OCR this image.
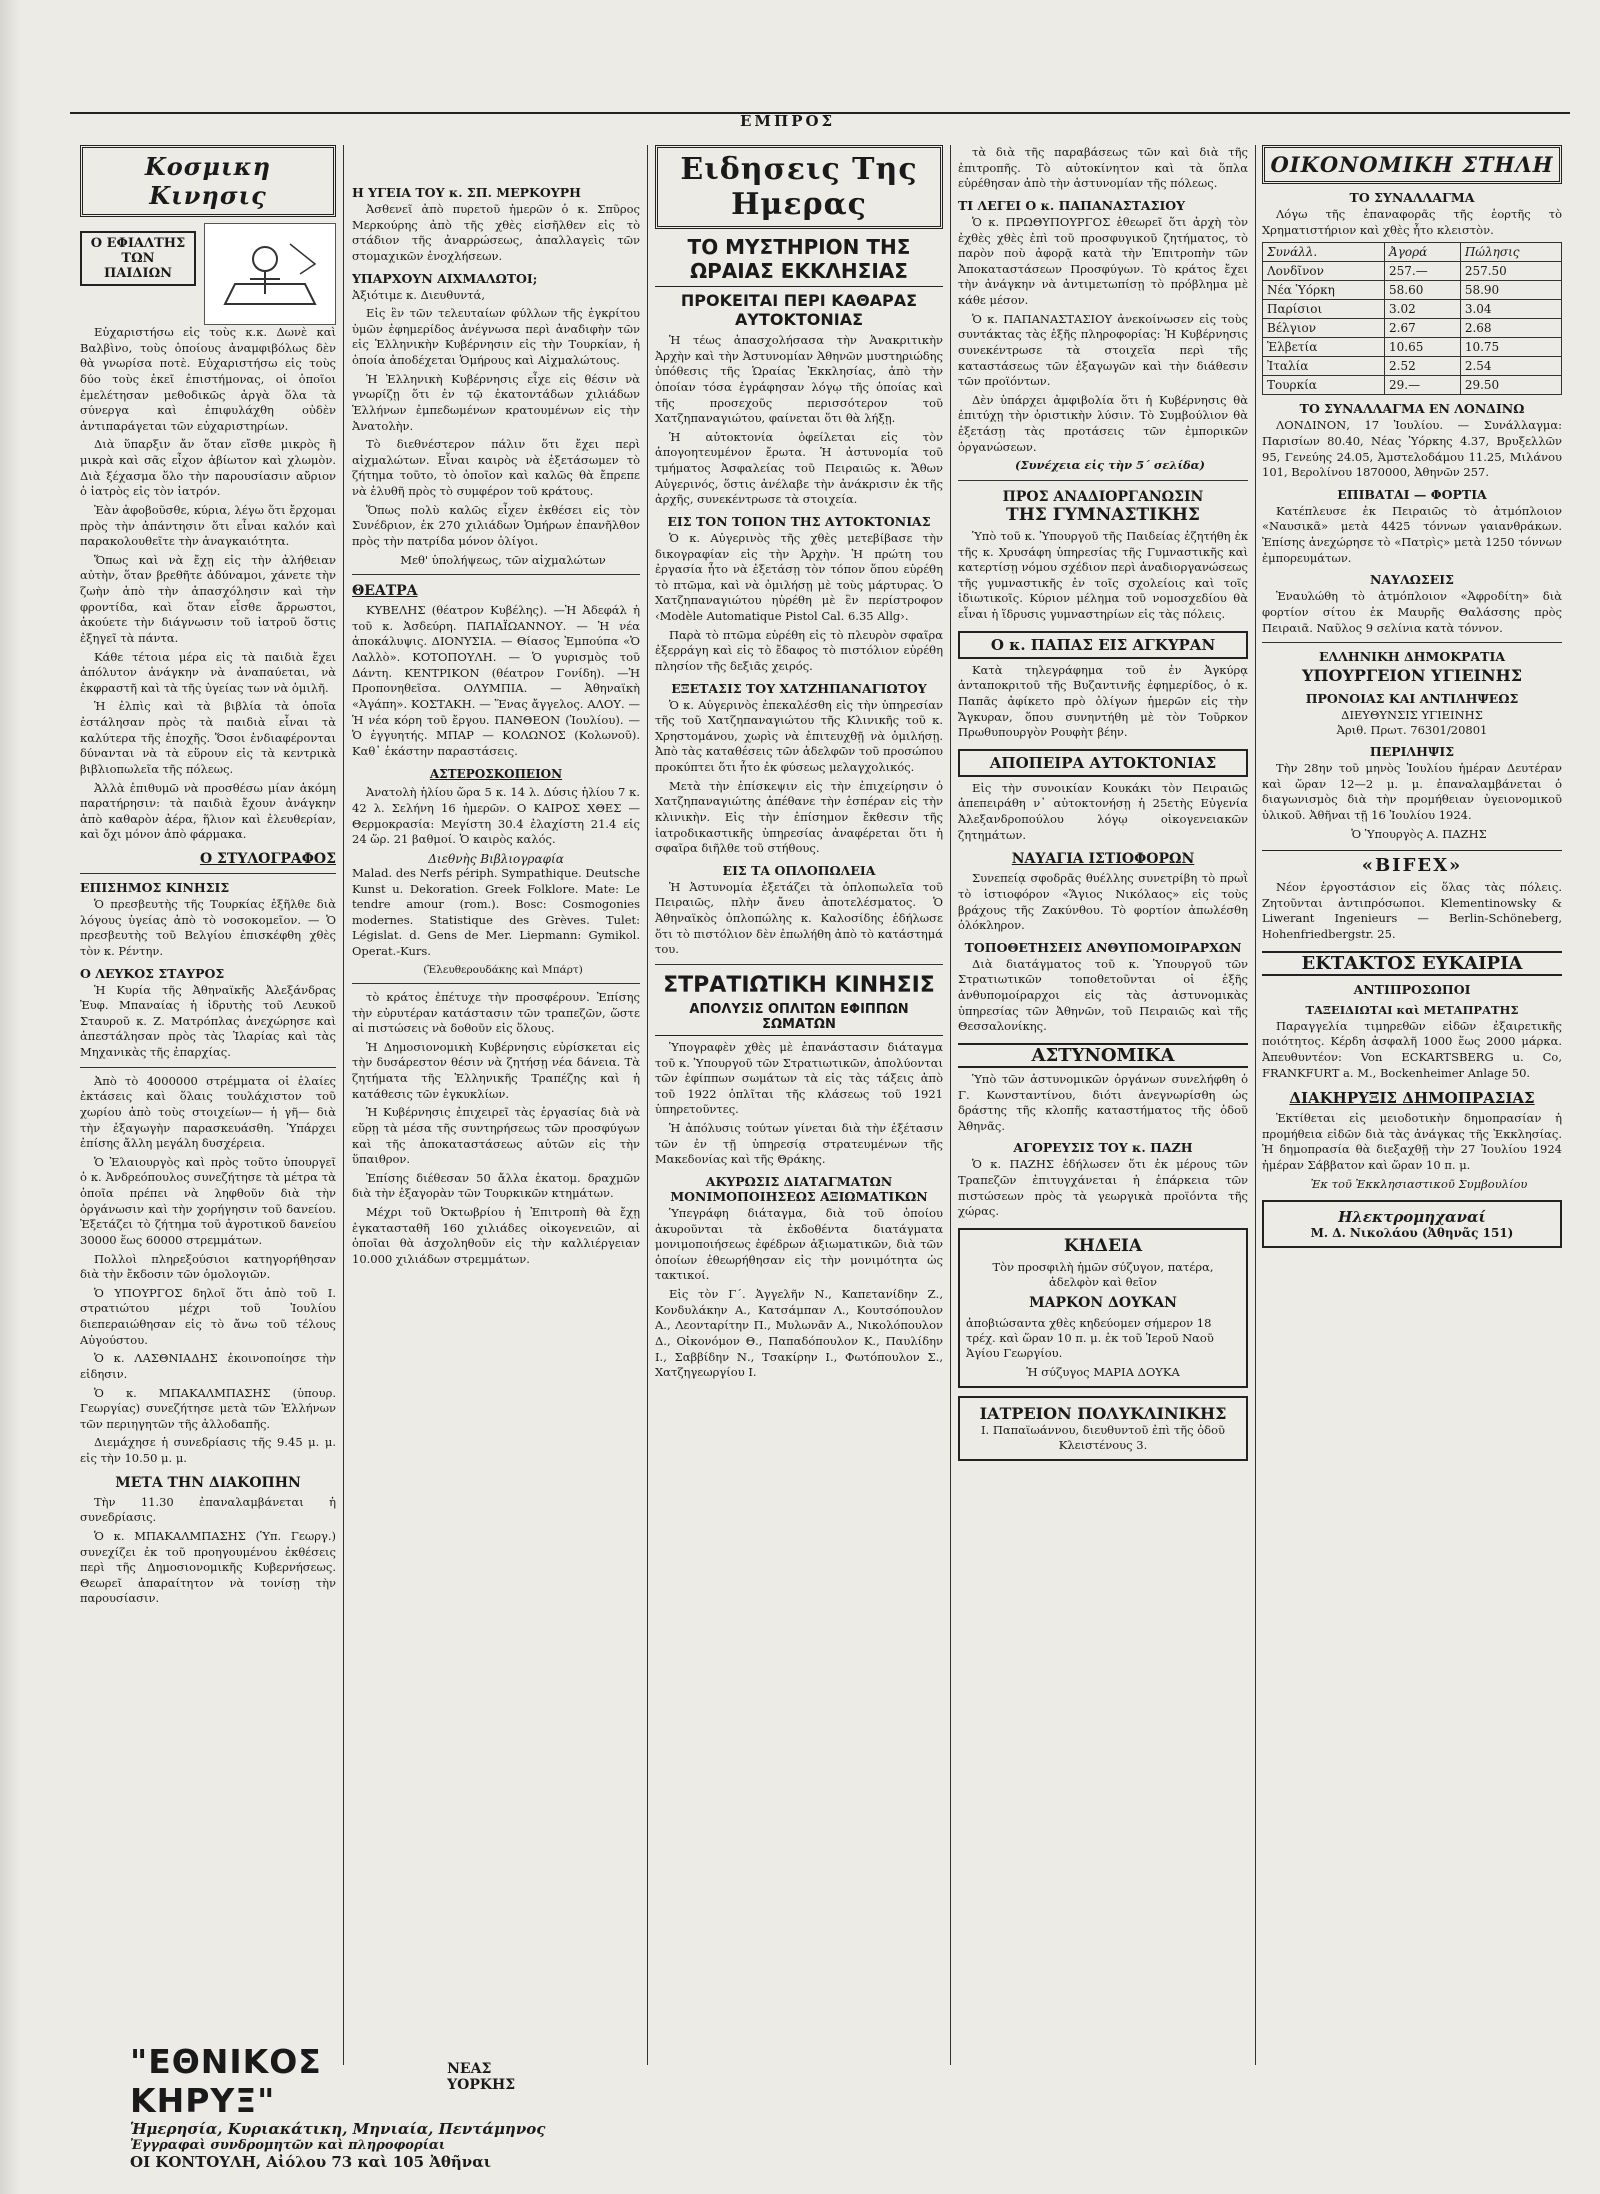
ΕΜΠΡΟΣ
Κοσμικη Κινησις
Ο ΕΦΙΑΛΤΗΣ ΤΩΝ ΠΑΙΔΙΩΝ

Εὐχαριστήσω εἰς τοὺς κ.κ. Δωνὲ καὶ Βαλβὶνο, τοὺς ὁποίους ἀναμφιβόλως δὲν θὰ γνωρίσα ποτὲ. Εὐχαριστήσω εἰς τοὺς δύο τοὺς ἐκεῖ ἐπιστήμονας, οἱ ὁποῖοι ἐμελέτησαν μεθοδικῶς ἀργὰ ὅλα τὰ σύνεργα καὶ ἐπιφυλάχθη οὐδὲν ἀντιπαράγεται τῶν εὐχαριστηρίων.

Διὰ ὕπαρξιν ἄν ὅταν εἴσθε μικρὸς ἢ μικρὰ καὶ σᾶς εἶχον ἀβίωτον καὶ χλωμὸν. Διὰ ξέχασμα ὅλο τὴν παρουσίασιν αὔριον ὁ ἰατρὸς εἰς τὸν ἰατρόν.

Ἐὰν ἀφοβοῦσθε, κύρια, λέγω ὅτι ἔρχομαι πρὸς τὴν ἀπάντησιν ὅτι εἶναι καλόν καὶ παρακολουθεῖτε τὴν ἀναγκαιότητα.

Ὅπως καὶ νὰ ἔχῃ εἰς τὴν ἀλήθειαν αὐτὴν, ὅταν βρεθῆτε ἀδύναμοι, χάνετε τὴν ζωὴν ἀπὸ τὴν ἀπασχόλησιν καὶ τὴν φροντίδα, καὶ ὅταν εἶσθε ἄρρωστοι, ἀκούετε τὴν διάγνωσιν τοῦ ἰατροῦ ὅστις ἐξηγεῖ τὰ πάντα.

Κάθε τέτοια μέρα εἰς τὰ παιδιὰ ἔχει ἀπόλυτον ἀνάγκην νὰ ἀναπαύεται, νὰ ἐκφραστῆ καὶ τὰ τῆς ὑγείας των νὰ ὁμιλῆ.

Ἡ ἐλπὶς καὶ τὰ βιβλία τὰ ὁποῖα ἐστάλησαν πρὸς τὰ παιδιὰ εἶναι τὰ καλύτερα τῆς ἐποχῆς. Ὅσοι ἐνδιαφέρονται δύνανται νὰ τὰ εὕρουν εἰς τὰ κεντρικὰ βιβλιοπωλεῖα τῆς πόλεως.

Ἀλλὰ ἐπιθυμῶ νὰ προσθέσω μίαν ἀκόμη παρατήρησιν: τὰ παιδιὰ ἔχουν ἀνάγκην ἀπὸ καθαρὸν ἀέρα, ἥλιον καὶ ἐλευθερίαν, καὶ ὄχι μόνον ἀπὸ φάρμακα.

Ο ΣΤΥΛΟΓΡΑΦΟΣ
ΕΠΙΣΗΜΟΣ ΚΙΝΗΣΙΣ

Ὁ πρεσβευτὴς τῆς Τουρκίας ἐξῆλθε διὰ λόγους ὑγείας ἀπὸ τὸ νοσοκομεῖον. — Ὁ πρεσβευτὴς τοῦ Βελγίου ἐπισκέφθη χθὲς τὸν κ. Ρέντην.

Ο ΛΕΥΚΟΣ ΣΤΑΥΡΟΣ

Ἡ Κυρία τῆς Ἀθηναϊκῆς Ἀλεξάνδρας Ἐυφ. Μπαναίας ἡ ἰδρυτὴς τοῦ Λευκοῦ Σταυροῦ κ. Ζ. Ματρόπλας ἀνεχώρησε καὶ ἀπεστάλησαν πρὸς τὰς Ἰλαρίας καὶ τὰς Μηχανικὰς τῆς ἐπαρχίας.

Ἀπὸ τὸ 4000000 στρέμματα οἱ ἐλαίες ἐκτάσεις καὶ ὅλαις τουλάχιστον τοῦ χωρίου ἀπὸ τοὺς στοιχείων— ἡ γῆ— διὰ τὴν ἐξαγωγὴν παρασκευάσθη. Ὑπάρχει ἐπίσης ἄλλη μεγάλη δυσχέρεια.

Ὁ Ἐλαιουργὸς καὶ πρὸς τοῦτο ὑπουργεῖ ὁ κ. Ἀνδρεόπουλος συνεζήτησε τὰ μέτρα τὰ ὁποῖα πρέπει νὰ ληφθοῦν διὰ τὴν ὀργάνωσιν καὶ τὴν χορήγησιν τοῦ δανείου. Ἐξετάζει τὸ ζήτημα τοῦ ἀγροτικοῦ δανείου 30000 ἕως 60000 στρεμμάτων.

Πολλοὶ πληρεξούσιοι κατηγορήθησαν διὰ τὴν ἔκδοσιν τῶν ὁμολογιῶν.

Ὁ ΥΠΟΥΡΓΟΣ δηλοῖ ὅτι ἀπὸ τοῦ Ι. στρατιώτου μέχρι τοῦ Ἰουλίου διεπεραιώθησαν εἰς τὸ ἄνω τοῦ τέλους Αὐγούστου.

Ὁ κ. ΛΑΣΘΝΙΑΔΗΣ ἐκοινοποίησε τὴν εἰδησιν.

Ὁ κ. ΜΠΑΚΑΛΜΠΑΣΗΣ (ὑπουρ. Γεωργίας) συνεζήτησε μετὰ τῶν Ἑλλήνων τῶν περιηγητῶν τῆς ἀλλοδαπῆς.

Διεμάχησε ἡ συνεδρίασις τῆς 9.45 μ. μ. εἰς τὴν 10.50 μ. μ.

ΜΕΤΑ ΤΗΝ ΔΙΑΚΟΠΗΝ

Τὴν 11.30 ἐπαναλαμβάνεται ἡ συνεδρίασις.

Ὁ κ. ΜΠΑΚΑΛΜΠΑΣΗΣ (Ὑπ. Γεωργ.) συνεχίζει ἐκ τοῦ προηγουμένου ἐκθέσεις περὶ τῆς Δημοσιονομικῆς Κυβερνήσεως. Θεωρεῖ ἀπαραίτητον νὰ τονίσῃ τὴν παρουσίασιν.

Η ΥΓΕΙΑ ΤΟΥ κ. ΣΠ. ΜΕΡΚΟΥΡΗ

Ἀσθενεῖ ἀπὸ πυρετοῦ ἡμερῶν ὁ κ. Σπῦρος Μερκούρης ἀπὸ τῆς χθὲς εἰσῆλθεν εἰς τὸ στάδιον τῆς ἀναρρώσεως, ἀπαλλαγεὶς τῶν στομαχικῶν ἐνοχλήσεων.

ΥΠΑΡΧΟΥΝ ΑΙΧΜΑΛΩΤΟΙ;

Ἀξιότιμε κ. Διευθυντά,

Εἰς ἓν τῶν τελευταίων φύλλων τῆς ἐγκρίτου ὑμῶν ἐφημερίδος ἀνέγνωσα περὶ ἀναδιφὴν τῶν εἰς Ἑλληνικὴν Κυβέρνησιν εἰς τὴν Τουρκίαν, ἡ ὁποία ἀποδέχεται Ὁμήρους καὶ Αἰχμαλώτους.

Ἡ Ἑλληνικὴ Κυβέρνησις εἶχε εἰς θέσιν νὰ γνωρίζῃ ὅτι ἐν τῷ ἐκατοντάδων χιλιάδων Ἑλλήνων ἐμπεδωμένων κρατουμένων εἰς τὴν Ἀνατολὴν.

Τὸ διεθνέστερον πάλιν ὅτι ἔχει περὶ αἰχμαλώτων. Εἶναι καιρὸς νὰ ἐξετάσωμεν τὸ ζήτημα τοῦτο, τὸ ὁποῖον καὶ καλῶς θὰ ἔπρεπε νὰ ἐλυθῆ πρὸς τὸ συμφέρον τοῦ κράτους.

Ὅπως πολὺ καλῶς εἶχεν ἐκθέσει εἰς τὸν Συνέδριον, ἐκ 270 χιλιάδων Ὁμήρων ἐπανῆλθον πρὸς τὴν πατρίδα μόνον ὀλίγοι.

Μεθ' ὑπολήψεως, τῶν αἰχμαλώτων

ΘΕΑΤΡΑ

ΚΥΒΕΛΗΣ (θέατρον Κυβέλης). —Ἡ Ἀδεφάλ ἡ τοῦ κ. Ἀσδεύρη. ΠΑΠΑΪΩΑΝΝΟΥ. — Ἡ νέα ἀποκάλυψις. ΔΙΟΝΥΣΙΑ. — Θίασος Ἐμπούπα «Ὁ Λαλλὸ». ΚΟΤΟΠΟΥΛΗ. — Ὁ γυρισμὸς τοῦ Δάντη. ΚΕΝΤΡΙΚΟΝ (θέατρον Γονίδη). —Ἡ Προπονηθεῖσα. ΟΛΥΜΠΙΑ. — Ἀθηναϊκὴ «Ἀγάπη». ΚΟΣΤΑΚΗ. — Ἕνας ἄγγελος. ΑΛΟΥ. — Ἡ νέα κόρη τοῦ ἔργου. ΠΑΝΘΕΟΝ (Ἰουλίου). — Ὁ ἐγγυητής. ΜΠΑΡ — ΚΟΛΩΝΟΣ (Κολωνοῦ). Καθ᾽ ἑκάστην παραστάσεις.

ΑΣΤΕΡΟΣΚΟΠΕΙΟΝ

Ἀνατολὴ ἡλίου ὥρα 5 κ. 14 λ. Δύσις ἡλίου 7 κ. 42 λ. Σελήνη 16 ἡμερῶν. Ο ΚΑΙΡΟΣ ΧΘΕΣ — Θερμοκρασία: Μεγίστη 30.4 ἐλαχίστη 21.4 εἰς 24 ὥρ. 21 βαθμοί. Ὁ καιρὸς καλός.

Διεθνὴς Βιβλιογραφία

Malad. des Nerfs périph. Sympathique. Deutsche Kunst u. Dekoration. Greek Folklore. Mate: Le tendre amour (rom.). Bosc: Cosmogonies modernes. Statistique des Grèves. Tulet: Législat. d. Gens de Mer. Liepmann: Gymikol. Operat.-Kurs.

(Ἐλευθερουδάκης καὶ Μπάρτ)

τὸ κράτος ἐπέτυχε τὴν προσφέρουν. Ἐπίσης τὴν εὐρυτέραν κατάστασιν τῶν τραπεζῶν, ὥστε αἱ πιστώσεις νὰ δοθοῦν εἰς ὅλους.

Ἡ Δημοσιονομικὴ Κυβέρνησις εὑρίσκεται εἰς τὴν δυσάρεστον θέσιν νὰ ζητήσῃ νέα δάνεια. Τὰ ζητήματα τῆς Ἑλληνικῆς Τραπέζης καὶ ἡ κατάθεσις τῶν ἐγκυκλίων.

Ἡ Κυβέρνησις ἐπιχειρεῖ τὰς ἐργασίας διὰ νὰ εὕρῃ τὰ μέσα τῆς συντηρήσεως τῶν προσφύγων καὶ τῆς ἀποκαταστάσεως αὐτῶν εἰς τὴν ὕπαιθρον.

Ἐπίσης διέθεσαν 50 ἄλλα ἑκατομ. δραχμῶν διὰ τὴν ἐξαγορὰν τῶν Τουρκικῶν κτημάτων.

Μέχρι τοῦ Ὀκτωβρίου ἡ Ἐπιτροπὴ θὰ ἔχῃ ἐγκατασταθῆ 160 χιλιάδες οἰκογενειῶν, αἱ ὁποῖαι θὰ ἀσχοληθοῦν εἰς τὴν καλλιέργειαν 10.000 χιλιάδων στρεμμάτων.

Ειδησεις Της Ημερας
ΤΟ ΜΥΣΤΗΡΙΟΝ ΤΗΣ ΩΡΑΙΑΣ ΕΚΚΛΗΣΙΑΣ
ΠΡΟΚΕΙΤΑΙ ΠΕΡΙ ΚΑΘΑΡΑΣ ΑΥΤΟΚΤΟΝΙΑΣ

Ἡ τέως ἀπασχολήσασα τὴν Ἀνακριτικὴν Ἀρχὴν καὶ τὴν Ἀστυνομίαν Ἀθηνῶν μυστηριώδης ὑπόθεσις τῆς Ὡραίας Ἐκκλησίας, ἀπὸ τὴν ὁποίαν τόσα ἐγράφησαν λόγῳ τῆς ὁποίας καὶ τῆς προσεχοῦς περισσότερον τοῦ Χατζηπαναγιώτου, φαίνεται ὅτι θὰ λήξῃ.

Ἡ αὐτοκτονία ὀφείλεται εἰς τὸν ἀπογοητευμένον ἔρωτα. Ἡ ἀστυνομία τοῦ τμήματος Ἀσφαλείας τοῦ Πειραιῶς κ. Ἄθων Αὐγερινός, ὅστις ἀνέλαβε τὴν ἀνάκρισιν ἐκ τῆς ἀρχῆς, συνεκέντρωσε τὰ στοιχεία.

ΕΙΣ ΤΟΝ ΤΟΠΟΝ ΤΗΣ ΑΥΤΟΚΤΟΝΙΑΣ

Ὁ κ. Αὐγερινὸς τῆς χθὲς μετεβίβασε τὴν δικογραφίαν εἰς τὴν Ἀρχὴν. Ἡ πρώτη του ἐργασία ἦτο νὰ ἐξετάσῃ τὸν τόπον ὅπου εὑρέθη τὸ πτῶμα, καὶ νὰ ὁμιλήσῃ μὲ τοὺς μάρτυρας. Ὁ Χατζηπαναγιώτου ηὑρέθη μὲ ἓν περίστροφον ‹Modèle Automatique Pistol Cal. 6.35 Allg›.

Παρὰ τὸ πτῶμα εὑρέθη εἰς τὸ πλευρὸν σφαῖρα ἐξερράγη καὶ εἰς τὸ ἔδαφος τὸ πιστόλιον εὑρέθη πλησίον τῆς δεξιᾶς χειρός.

ΕΞΕΤΑΣΙΣ ΤΟΥ ΧΑΤΖΗΠΑΝΑΓΙΩΤΟΥ

Ὁ κ. Αὐγερινὸς ἐπεκαλέσθη εἰς τὴν ὑπηρεσίαν τῆς τοῦ Χατζηπαναγιώτου τῆς Κλινικῆς τοῦ κ. Χρηστομάνου, χωρὶς νὰ ἐπιτευχθῇ νὰ ὁμιλήσῃ. Ἀπὸ τὰς καταθέσεις τῶν ἀδελφῶν τοῦ προσώπου προκύπτει ὅτι ἦτο ἐκ φύσεως μελαγχολικός.

Μετὰ τὴν ἐπίσκεψιν εἰς τὴν ἐπιχείρησιν ὁ Χατζηπαναγιώτης ἀπέθανε τὴν ἑσπέραν εἰς τὴν κλινικὴν. Εἰς τὴν ἐπίσημον ἔκθεσιν τῆς ἰατροδικαστικῆς ὑπηρεσίας ἀναφέρεται ὅτι ἡ σφαῖρα διῆλθε τοῦ στήθους.

ΕΙΣ ΤΑ ΟΠΛΟΠΩΛΕΙΑ

Ἡ Ἀστυνομία ἐξετάζει τὰ ὁπλοπωλεῖα τοῦ Πειραιῶς, πλὴν ἄνευ ἀποτελέσματος. Ὁ Ἀθηναϊκὸς ὁπλοπώλης κ. Καλοσίδης ἐδήλωσε ὅτι τὸ πιστόλιον δὲν ἐπωλήθη ἀπὸ τὸ κατάστημά του.

ΣΤΡΑΤΙΩΤΙΚΗ ΚΙΝΗΣΙΣ
ΑΠΟΛΥΣΙΣ ΟΠΛΙΤΩΝ ΕΦΙΠΠΩΝ ΣΩΜΑΤΩΝ

Ὑπογραφὲν χθὲς μὲ ἐπανάστασιν διάταγμα τοῦ κ. Ὑπουργοῦ τῶν Στρατιωτικῶν, ἀπολύονται τῶν ἐφίππων σωμάτων τὰ εἰς τὰς τάξεις ἀπὸ τοῦ 1922 ὁπλῖται τῆς κλάσεως τοῦ 1921 ὑπηρετοῦντες.

Ἡ ἀπόλυσις τούτων γίνεται διὰ τὴν ἐξέτασιν τῶν ἐν τῇ ὑπηρεσίᾳ στρατευμένων τῆς Μακεδονίας καὶ τῆς Θράκης.

ΑΚΥΡΩΣΙΣ ΔΙΑΤΑΓΜΑΤΩΝ ΜΟΝΙΜΟΠΟΙΗΣΕΩΣ ΑΞΙΩΜΑΤΙΚΩΝ

Ὑπεγράφη διάταγμα, διὰ τοῦ ὁποίου ἀκυροῦνται τὰ ἐκδοθέντα διατάγματα μονιμοποιήσεως ἐφέδρων ἀξιωματικῶν, διὰ τῶν ὁποίων ἐθεωρήθησαν εἰς τὴν μονιμότητα ὡς τακτικοί.

Εἰς τὸν Γ΄. Ἀγγελῆν Ν., Καπετανίδην Ζ., Κονδυλάκην Α., Κατσάμπαν Λ., Κουτσόπουλον Α., Λεονταρίτην Π., Μυλωνᾶν Α., Νικολόπουλον Δ., Οἰκονόμον Θ., Παπαδόπουλον Κ., Παυλίδην Ι., Σαββίδην Ν., Τσακίρην Ι., Φωτόπουλον Σ., Χατζηγεωργίου Ι.

τὰ διὰ τῆς παραβάσεως τῶν καὶ διὰ τῆς ἐπιτροπῆς. Τὸ αὐτοκίνητον καὶ τὰ ὅπλα εὑρέθησαν ἀπὸ τὴν ἀστυνομίαν τῆς πόλεως.

ΤΙ ΛΕΓΕΙ Ο κ. ΠΑΠΑΝΑΣΤΑΣΙΟΥ

Ὁ κ. ΠΡΩΘΥΠΟΥΡΓΟΣ ἐθεωρεῖ ὅτι ἀρχὴ τὸν ἐχθὲς χθὲς ἐπὶ τοῦ προσφυγικοῦ ζητήματος, τὸ παρὸν ποὺ ἀφορᾷ κατὰ τὴν Ἐπιτροπὴν τῶν Ἀποκαταστάσεων Προσφύγων. Τὸ κράτος ἔχει τὴν ἀνάγκην νὰ ἀντιμετωπίσῃ τὸ πρόβλημα μὲ κάθε μέσον.

Ὁ κ. ΠΑΠΑΝΑΣΤΑΣΙΟΥ ἀνεκοίνωσεν εἰς τοὺς συντάκτας τὰς ἐξῆς πληροφορίας: Ἡ Κυβέρνησις συνεκέντρωσε τὰ στοιχεῖα περὶ τῆς καταστάσεως τῶν ἐξαγωγῶν καὶ τὴν διάθεσιν τῶν προϊόντων.

Δὲν ὑπάρχει ἀμφιβολία ὅτι ἡ Κυβέρνησις θὰ ἐπιτύχῃ τὴν ὁριστικὴν λύσιν. Τὸ Συμβούλιον θὰ ἐξετάσῃ τὰς προτάσεις τῶν ἐμπορικῶν ὀργανώσεων.

(Συνέχεια εἰς τὴν 5΄ σελίδα)

ΠΡΟΣ ΑΝΑΔΙΟΡΓΑΝΩΣΙΝ
ΤΗΣ ΓΥΜΝΑΣΤΙΚΗΣ

Ὑπὸ τοῦ κ. Ὑπουργοῦ τῆς Παιδείας ἐζητήθη ἐκ τῆς κ. Χρυσάφη ὑπηρεσίας τῆς Γυμναστικῆς καὶ κατερτίσῃ νόμου σχέδιον περὶ ἀναδιοργανώσεως τῆς γυμναστικῆς ἐν τοῖς σχολείοις καὶ τοῖς ἰδιωτικοῖς. Κύριον μέλημα τοῦ νομοσχεδίου θὰ εἶναι ἡ ἵδρυσις γυμναστηρίων εἰς τὰς πόλεις.

Ο κ. ΠΑΠΑΣ ΕΙΣ ΑΓΚΥΡΑΝ

Κατὰ τηλεγράφημα τοῦ ἐν Ἀγκύρᾳ ἀνταποκριτοῦ τῆς Βυζαντινῆς ἐφημερίδος, ὁ κ. Παπᾶς ἀφίκετο πρὸ ὀλίγων ἡμερῶν εἰς τὴν Ἄγκυραν, ὅπου συνηντήθη μὲ τὸν Τοῦρκον Πρωθυπουργὸν Ρουφὴτ βέην.

ΑΠΟΠΕΙΡΑ ΑΥΤΟΚΤΟΝΙΑΣ

Εἰς τὴν συνοικίαν Κουκάκι τὸν Πειραιῶς ἀπεπειράθη ν᾽ αὐτοκτονήσῃ ἡ 25ετὴς Εὐγενία Ἀλεξανδροπούλου λόγῳ οἰκογενειακῶν ζητημάτων.

ΝΑΥΑΓΙΑ ΙΣΤΙΟΦΟΡΩΝ

Συνεπείᾳ σφοδρᾶς θυέλλης συνετρίβη τὸ πρωῒ τὸ ἱστιοφόρον «Ἅγιος Νικόλαος» εἰς τοὺς βράχους τῆς Ζακύνθου. Τὸ φορτίον ἀπωλέσθη ὁλόκληρον.

ΤΟΠΟΘΕΤΗΣΕΙΣ ΑΝΘΥΠΟΜΟΙΡΑΡΧΩΝ

Διὰ διατάγματος τοῦ κ. Ὑπουργοῦ τῶν Στρατιωτικῶν τοποθετοῦνται οἱ ἑξῆς ἀνθυπομοίραρχοι εἰς τὰς ἀστυνομικὰς ὑπηρεσίας τῶν Ἀθηνῶν, τοῦ Πειραιῶς καὶ τῆς Θεσσαλονίκης.

ΑΣΤΥΝΟΜΙΚΑ

Ὑπὸ τῶν ἀστυνομικῶν ὀργάνων συνελήφθη ὁ Γ. Κωνσταντίνου, διότι ἀνεγνωρίσθη ὡς δράστης τῆς κλοπῆς καταστήματος τῆς ὁδοῦ Ἀθηνᾶς.

ΑΓΟΡΕΥΣΙΣ ΤΟΥ κ. ΠΑΖΗ

Ὁ κ. ΠΑΖΗΣ ἐδήλωσεν ὅτι ἐκ μέρους τῶν Τραπεζῶν ἐπιτυγχάνεται ἡ ἐπάρκεια τῶν πιστώσεων πρὸς τὰ γεωργικὰ προϊόντα τῆς χώρας.

ΚΗΔΕΙΑ

Τὸν προσφιλὴ ἡμῶν σύζυγον, πατέρα, ἀδελφὸν καὶ θεῖον

ΜΑΡΚΟΝ ΔΟΥΚΑΝ

ἀποβιώσαντα χθὲς κηδεύομεν σήμερον 18 τρέχ. καὶ ὥραν 10 π. μ. ἐκ τοῦ Ἱεροῦ Ναοῦ Ἁγίου Γεωργίου.

Ἡ σύζυγος ΜΑΡΙΑ ΔΟΥΚΑ

ΙΑΤΡΕΙΟΝ ΠΟΛΥΚΛΙΝΙΚΗΣ

Ι. Παπαϊωάννου, διευθυντοῦ ἐπὶ τῆς ὁδοῦ Κλειστένους 3.

ΟΙΚΟΝΟΜΙΚΗ ΣΤΗΛΗ
ΤΟ ΣΥΝΑΛΛΑΓΜΑ

Λόγω τῆς ἐπαναφορᾶς τῆς ἑορτῆς τὸ Χρηματιστήριον καὶ χθὲς ἦτο κλειστὸν.

Συνάλλ.	Ἀγορά	Πώλησις
Λονδῖνον	257.—	257.50
Νέα Ὑόρκη	58.60	58.90
Παρίσιοι	3.02	3.04
Βέλγιον	2.67	2.68
Ἑλβετία	10.65	10.75
Ἰταλία	2.52	2.54
Τουρκία	29.—	29.50
ΤΟ ΣΥΝΑΛΛΑΓΜΑ ΕΝ ΛΟΝΔΙΝΩ

ΛΟΝΔΙΝΟΝ, 17 Ἰουλίου. — Συνάλλαγμα: Παρισίων 80.40, Νέας Ὑόρκης 4.37, Βρυξελλῶν 95, Γενεύης 24.05, Ἀμστελοδάμου 11.25, Μιλάνου 101, Βερολίνου 1870000, Ἀθηνῶν 257.

ΕΠΙΒΑΤΑΙ — ΦΟΡΤΙΑ

Κατέπλευσε ἐκ Πειραιῶς τὸ ἀτμόπλοιον «Ναυσικᾶ» μετὰ 4425 τόννων γαιανθράκων. Ἐπίσης ἀνεχώρησε τὸ «Πατρὶς» μετὰ 1250 τόννων ἐμπορευμάτων.

ΝΑΥΛΩΣΕΙΣ

Ἐναυλώθη τὸ ἀτμόπλοιον «Ἀφροδίτη» διὰ φορτίον σίτου ἐκ Μαυρῆς Θαλάσσης πρὸς Πειραιᾶ. Ναῦλος 9 σελίνια κατὰ τόννον.

ΕΛΛΗΝΙΚΗ ΔΗΜΟΚΡΑΤΙΑ
ΥΠΟΥΡΓΕΙΟΝ ΥΓΙΕΙΝΗΣ
ΠΡΟΝΟΙΑΣ ΚΑΙ ΑΝΤΙΛΗΨΕΩΣ
ΔΙΕΥΘΥΝΣΙΣ ΥΓΙΕΙΝΗΣ
Ἀριθ. Πρωτ. 76301/20801
ΠΕΡΙΛΗΨΙΣ

Τὴν 28ην τοῦ μηνὸς Ἰουλίου ἡμέραν Δευτέραν καὶ ὥραν 12—2 μ. μ. ἐπαναλαμβάνεται ὁ διαγωνισμὸς διὰ τὴν προμήθειαν ὑγειονομικοῦ ὑλικοῦ. Ἀθῆναι τῇ 16 Ἰουλίου 1924.

Ὁ Ὑπουργὸς Α. ΠΑΖΗΣ

«BIFEX»

Νέον ἐργοστάσιον εἰς ὅλας τὰς πόλεις. Ζητοῦνται ἀντιπρόσωποι. Klementinowsky & Liwerant Ingenieurs — Berlin-Schöneberg, Hohenfriedbergstr. 25.

ΕΚΤΑΚΤΟΣ ΕΥΚΑΙΡΙΑ
ΑΝΤΙΠΡΟΣΩΠΟΙ
ΤΑΞΕΙΔΙΩΤΑΙ καὶ ΜΕΤΑΠΡΑΤΗΣ

Παραγγελία τιμηρεθῶν εἰδῶν ἐξαιρετικῆς ποιότητος. Κέρδη ἀσφαλῆ 1000 ἕως 2000 μάρκα. Ἀπευθυντέον: Von ECKARTSBERG u. Co, FRANKFURT a. M., Bockenheimer Anlage 50.

ΔΙΑΚΗΡΥΞΙΣ ΔΗΜΟΠΡΑΣΙΑΣ

Ἐκτίθεται εἰς μειοδοτικὴν δημοπρασίαν ἡ προμήθεια εἰδῶν διὰ τὰς ἀνάγκας τῆς Ἐκκλησίας. Ἡ δημοπρασία θὰ διεξαχθῇ τὴν 27 Ἰουλίου 1924 ἡμέραν Σάββατον καὶ ὥραν 10 π. μ.

Ἐκ τοῦ Ἐκκλησιαστικοῦ Συμβουλίου

Ηλεκτρομηχαναί
Μ. Δ. Νικολάου (Ἀθηνᾶς 151)
"ΕΘΝΙΚΟΣ ΚΗΡΥΞ"
ΝΕΑΣ ΥΟΡΚΗΣ
Ἡμερησία, Κυριακάτικη, Μηνιαία, Πεντάμηνος
Ἐγγραφαὶ συνδρομητῶν καὶ πληροφορίαι
ΟΙ ΚΟΝΤΟΥΛΗ, Αἰόλου 73 καὶ 105 Ἀθῆναι
